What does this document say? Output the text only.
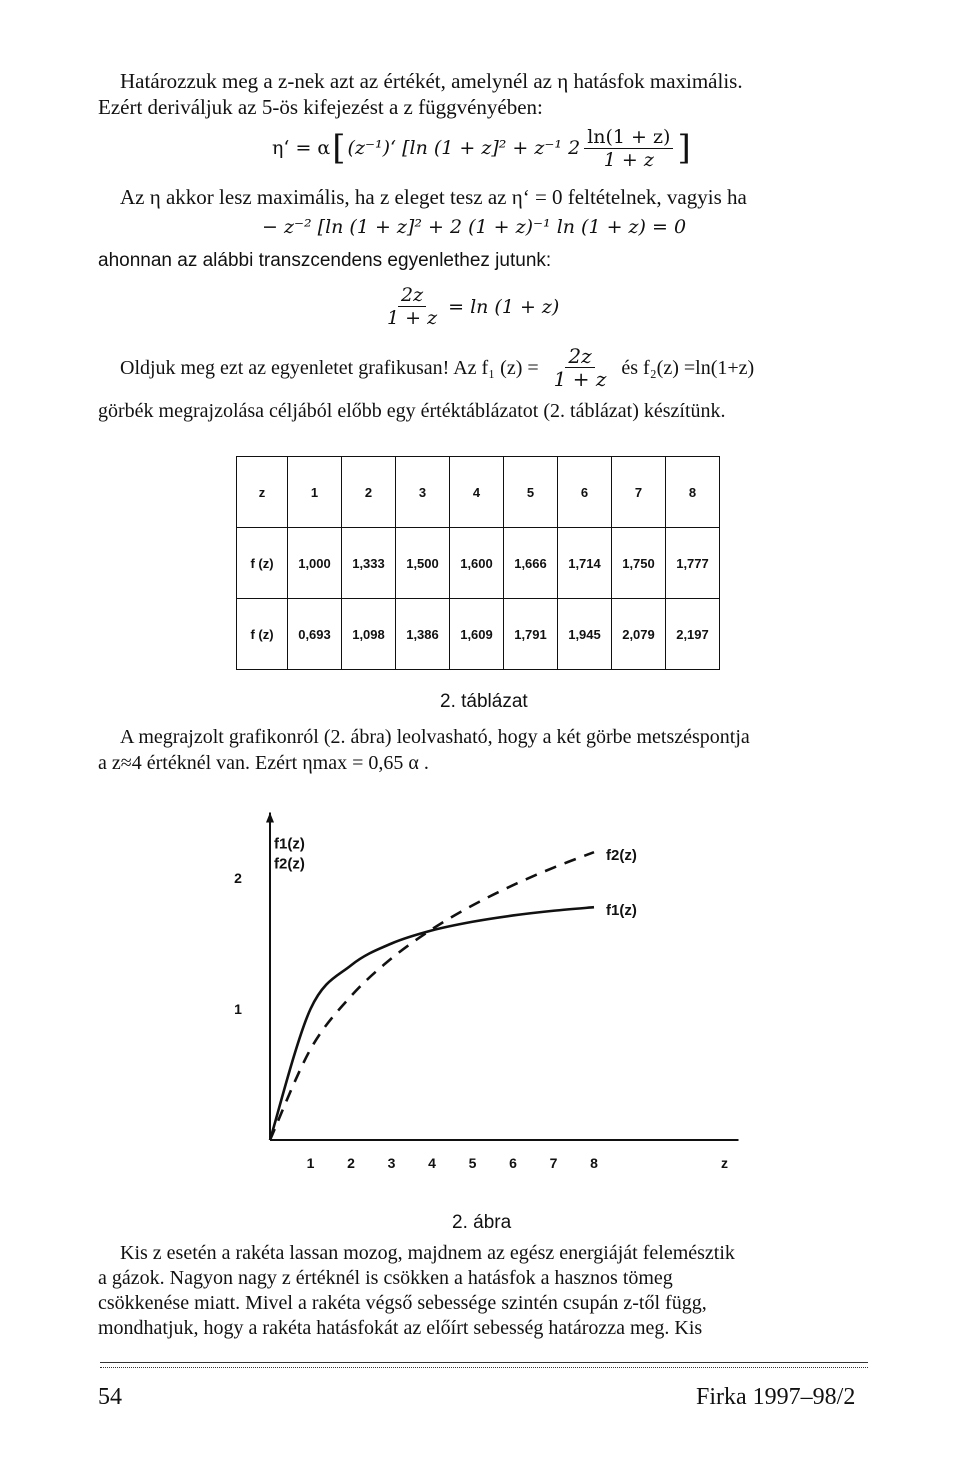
Határozzuk meg a z-nek azt az értékét, amelynél az η hatásfok maximális.
Ezért deriváljuk az 5-ös kifejezést a z függvényében:
η‘ = α [ (z⁻¹)‘ [ln (1 + z]² + z⁻¹ $2 \frac{\ln(1 + z)}{1 + z}$ ]
Az η akkor lesz maximális, ha z eleget tesz az η‘ = 0 feltételnek, vagyis ha
− z⁻² [ln (1 + z]² + 2 (1 + z)⁻¹ ln (1 + z) = 0
ahonnan az alábbi transzcendens egyenlethez jutunk:
$\frac{2z}{1 + z} = \ln (1 + z)$
Oldjuk meg ezt az egyenletet grafikusan! Az f₁ $(z) = \frac{2z}{1 + z}$ és f₂(z) =ln(1+z)
görbék megrajzolása céljából előbb egy értéktáblázatot (2. táblázat) készítünk.
z	1	2	3	4	5	6	7	8
f (z)	1,000	1,333	1,500	1,600	1,666	1,714	1,750	1,777
f (z)	0,693	1,098	1,386	1,609	1,791	1,945	2,079	2,197
2. táblázat
A megrajzolt grafikonról (2. ábra) leolvasható, hogy a két görbe metszéspontja
a z≈4 értéknél van. Ezért ηmax = 0,65 α .
1 2 3 4 5 6 7 8
1
2
z
f1(z)
f2(z)
f1(z)
f2(z)
2. ábra
Kis z esetén a rakéta lassan mozog, majdnem az egész energiáját felemésztik
a gázok. Nagyon nagy z értéknél is csökken a hatásfok a hasznos tömeg
csökkenése miatt. Mivel a rakéta végső sebessége szintén csupán z-től függ,
mondhatjuk, hogy a rakéta hatásfokát az előírt sebesség határozza meg. Kis
54	Firka 1997–98/2
